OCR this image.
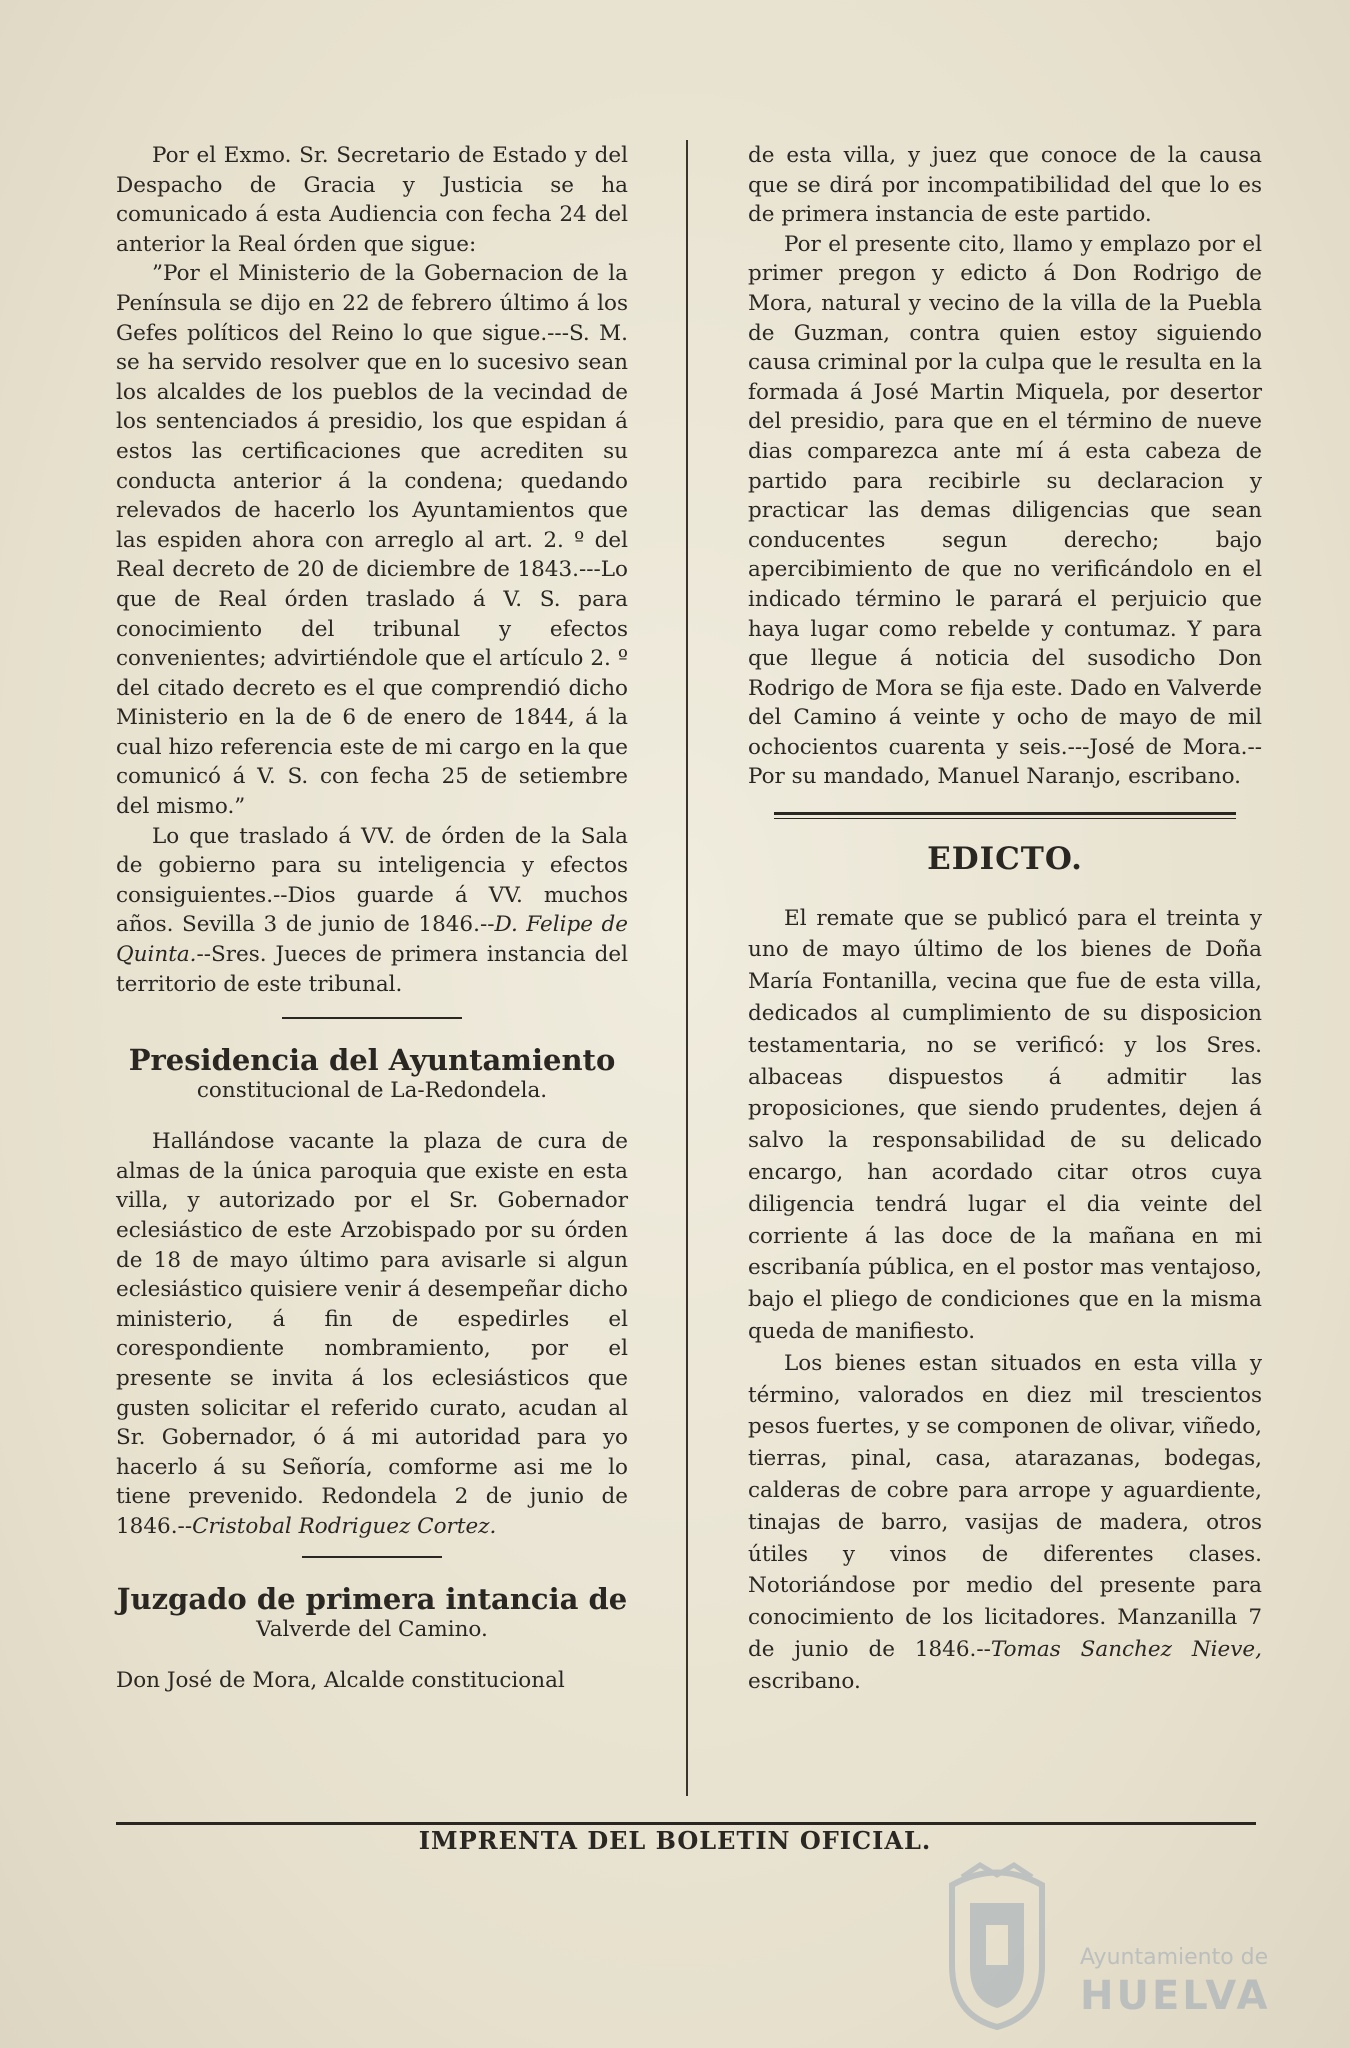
Por el Exmo. Sr. Secretario de Estado y del Despacho de Gracia y Justicia se ha comunicado á esta Audiencia con fecha 24 del anterior la Real órden que sigue:

”Por el Ministerio de la Gobernacion de la Península se dijo en 22 de febrero último á los Gefes políticos del Reino lo que sigue.---S. M. se ha servido resolver que en lo sucesivo sean los alcaldes de los pueblos de la vecindad de los sentenciados á presidio, los que espidan á estos las certificaciones que acrediten su conducta anterior á la condena; quedando relevados de hacerlo los Ayuntamientos que las espiden ahora con arreglo al art. 2. º del Real decreto de 20 de diciembre de 1843.---Lo que de Real órden traslado á V. S. para conocimiento del tribunal y efectos convenientes; advirtiéndole que el artículo 2. º del citado decreto es el que comprendió dicho Ministerio en la de 6 de enero de 1844, á la cual hizo referencia este de mi cargo en la que comunicó á V. S. con fecha 25 de setiembre del mismo.”

Lo que traslado á VV. de órden de la Sala de gobierno para su inteligencia y efectos consiguientes.--Dios guarde á VV. muchos años. Sevilla 3 de junio de 1846.--D. Felipe de Quinta.--Sres. Jueces de primera instancia del territorio de este tribunal.

Presidencia del Ayuntamiento
constitucional de La-Redondela.

Hallándose vacante la plaza de cura de almas de la única paroquia que existe en esta villa, y autorizado por el Sr. Gobernador eclesiástico de este Arzobispado por su órden de 18 de mayo último para avisarle si algun eclesiástico quisiere venir á desempeñar dicho ministerio, á fin de espedirles el corespondiente nombramiento, por el presente se invita á los eclesiásticos que gusten solicitar el referido curato, acudan al Sr. Gobernador, ó á mi autoridad para yo hacerlo á su Señoría, comforme asi me lo tiene prevenido. Redondela 2 de junio de 1846.--Cristobal Rodriguez Cortez.

Juzgado de primera intancia de
Valverde del Camino.

Don José de Mora, Alcalde constitucional

de esta villa, y juez que conoce de la causa que se dirá por incompatibilidad del que lo es de primera instancia de este partido.

Por el presente cito, llamo y emplazo por el primer pregon y edicto á Don Rodrigo de Mora, natural y vecino de la villa de la Puebla de Guzman, contra quien estoy siguiendo causa criminal por la culpa que le resulta en la formada á José Martin Miquela, por desertor del presidio, para que en el término de nueve dias comparezca ante mí á esta cabeza de partido para recibirle su declaracion y practicar las demas diligencias que sean conducentes segun derecho; bajo apercibimiento de que no verificándolo en el indicado término le parará el perjuicio que haya lugar como rebelde y contumaz. Y para que llegue á noticia del susodicho Don Rodrigo de Mora se fija este. Dado en Valverde del Camino á veinte y ocho de mayo de mil ochocientos cuarenta y seis.---José de Mora.--Por su mandado, Manuel Naranjo, escribano.

EDICTO.

El remate que se publicó para el treinta y uno de mayo último de los bienes de Doña María Fontanilla, vecina que fue de esta villa, dedicados al cumplimiento de su disposicion testamentaria, no se verificó: y los Sres. albaceas dispuestos á admitir las proposiciones, que siendo prudentes, dejen á salvo la responsabilidad de su delicado encargo, han acordado citar otros cuya diligencia tendrá lugar el dia veinte del corriente á las doce de la mañana en mi escribanía pública, en el postor mas ventajoso, bajo el pliego de condiciones que en la misma queda de manifiesto.

Los bienes estan situados en esta villa y término, valorados en diez mil trescientos pesos fuertes, y se componen de olivar, viñedo, tierras, pinal, casa, atarazanas, bodegas, calderas de cobre para arrope y aguardiente, tinajas de barro, vasijas de madera, otros útiles y vinos de diferentes clases. Notoriándose por medio del presente para conocimiento de los licitadores. Manzanilla 7 de junio de 1846.--Tomas Sanchez Nieve, escribano.

IMPRENTA DEL BOLETIN OFICIAL.
Ayuntamiento de
HUELVA
